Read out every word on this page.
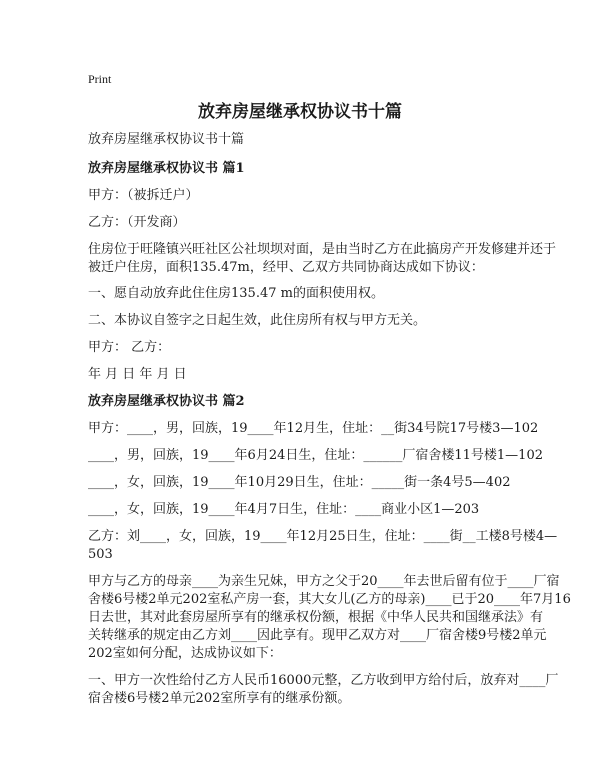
Print
放弃房屋继承权协议书十篇
放弃房屋继承权协议书十篇
放弃房屋继承权协议书 篇1
甲方：（被拆迁户）
乙方：（开发商）
住房位于旺隆镇兴旺社区公社坝坝对面，是由当时乙方在此搞房产开发修建并还于
被迁户住房，面积135.47m，经甲、乙双方共同协商达成如下协议：
一、愿自动放弃此住住房135.47 m的面积使用权。
二、本协议自签字之日起生效，此住房所有权与甲方无关。
甲方： 乙方：
年 月 日 年 月 日
放弃房屋继承权协议书 篇2
甲方：____，男，回族，19____年12月生，住址：__街34号院17号楼3—102
____，男，回族，19____年6月24日生，住址：______厂宿舍楼11号楼1—102
____，女，回族，19____年10月29日生，住址：_____街一条4号5—402
____，女，回族，19____年4月7日生，住址：____商业小区1—203
乙方：刘____，女，回族，19____年12月25日生，住址：____街__工楼8号楼4—
503
甲方与乙方的母亲____为亲生兄妹，甲方之父于20____年去世后留有位于____厂宿
舍楼6号楼2单元202室私产房一套，其大女儿(乙方的母亲)____已于20____年7月16
日去世，其对此套房屋所享有的继承权份额，根据《中华人民共和国继承法》有
关转继承的规定由乙方刘____因此享有。现甲乙双方对____厂宿舍楼9号楼2单元
202室如何分配，达成协议如下：
一、甲方一次性给付乙方人民币16000元整，乙方收到甲方给付后，放弃对____厂
宿舍楼6号楼2单元202室所享有的继承份额。
